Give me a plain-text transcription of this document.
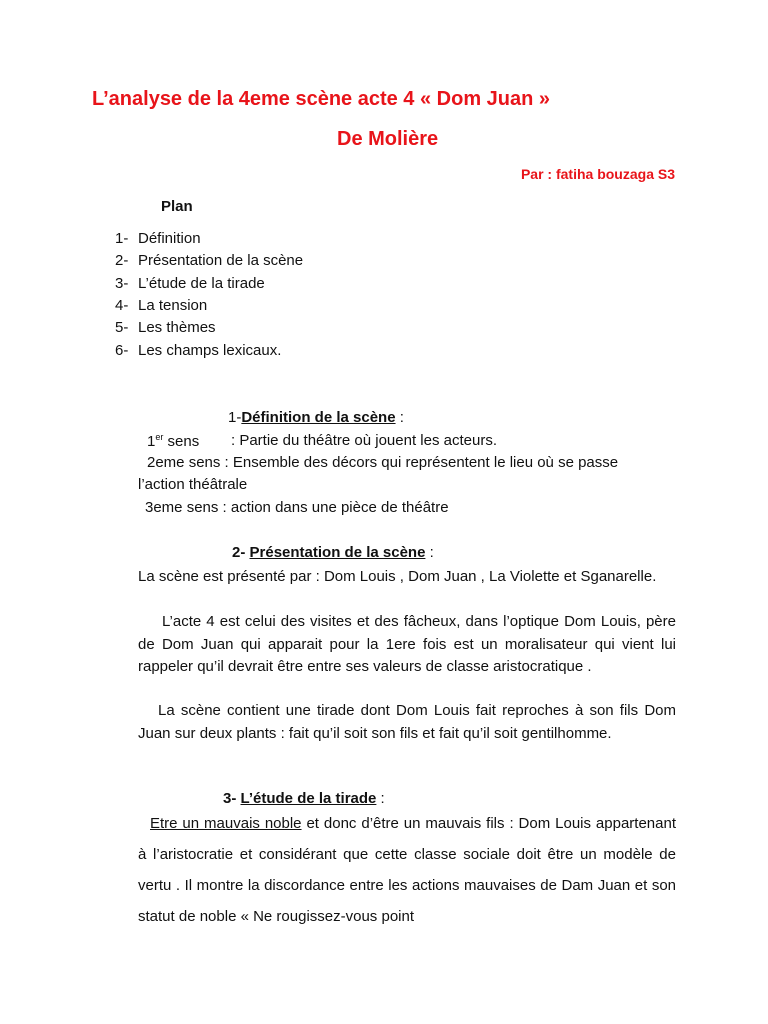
L’analyse de la 4eme scène acte 4 « Dom Juan »
De Molière
Par : fatiha bouzaga S3
Plan
1- Définition
2- Présentation de la scène
3- L’étude de la tirade
4- La tension
5- Les thèmes
6- Les champs lexicaux.
1-Définition de la scène :
1er sens : Partie du théâtre où jouent les acteurs.
2eme sens : Ensemble des décors qui représentent le lieu où se passe
l’action théâtrale
3eme sens : action dans une pièce de théâtre
2- Présentation de la scène :
La scène est présenté par : Dom Louis , Dom Juan , La Violette et Sganarelle.
L’acte 4 est celui des visites et des fâcheux, dans l’optique Dom Louis, père de Dom Juan qui apparait pour la 1ere fois est un moralisateur qui vient lui rappeler qu’il devrait être entre ses valeurs de classe aristocratique .
La scène contient une tirade dont Dom Louis fait reproches à son fils Dom Juan sur deux plants : fait qu’il soit son fils et fait qu’il soit gentilhomme.
3- L’étude de la tirade :
Etre un mauvais noble et donc d’être un mauvais fils : Dom Louis appartenant à l’aristocratie et considérant que cette classe sociale doit être un modèle de vertu . Il montre la discordance entre les actions mauvaises de Dam Juan et son statut de noble « Ne rougissez-vous point
